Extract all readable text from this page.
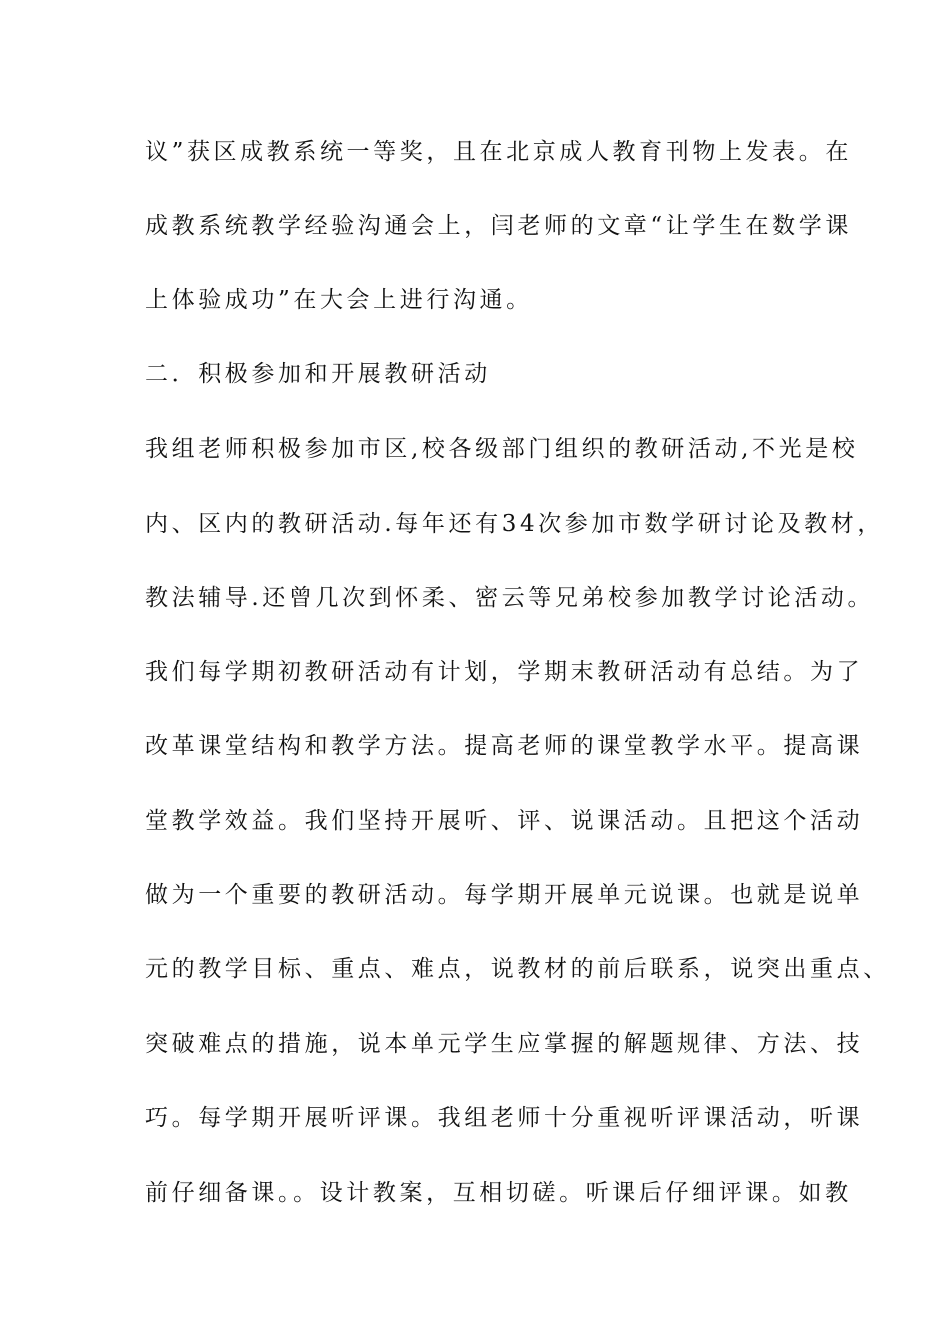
议”获区成教系统一等奖，且在北京成人教育刊物上发表。在

成教系统教学经验沟通会上，闫老师的文章“让学生在数学课

上体验成功”在大会上进行沟通。

二．积极参加和开展教研活动

我组老师积极参加市区,校各级部门组织的教研活动,不光是校

内、区内的教研活动.每年还有34次参加市数学研讨论及教材，

教法辅导.还曾几次到怀柔、密云等兄弟校参加教学讨论活动。

我们每学期初教研活动有计划，学期末教研活动有总结。为了

改革课堂结构和教学方法。提高老师的课堂教学水平。提高课

堂教学效益。我们坚持开展听、评、说课活动。且把这个活动

做为一个重要的教研活动。每学期开展单元说课。也就是说单

元的教学目标、重点、难点，说教材的前后联系，说突出重点、

突破难点的措施，说本单元学生应掌握的解题规律、方法、技

巧。每学期开展听评课。我组老师十分重视听评课活动，听课

前仔细备课。。设计教案，互相切磋。听课后仔细评课。如教
